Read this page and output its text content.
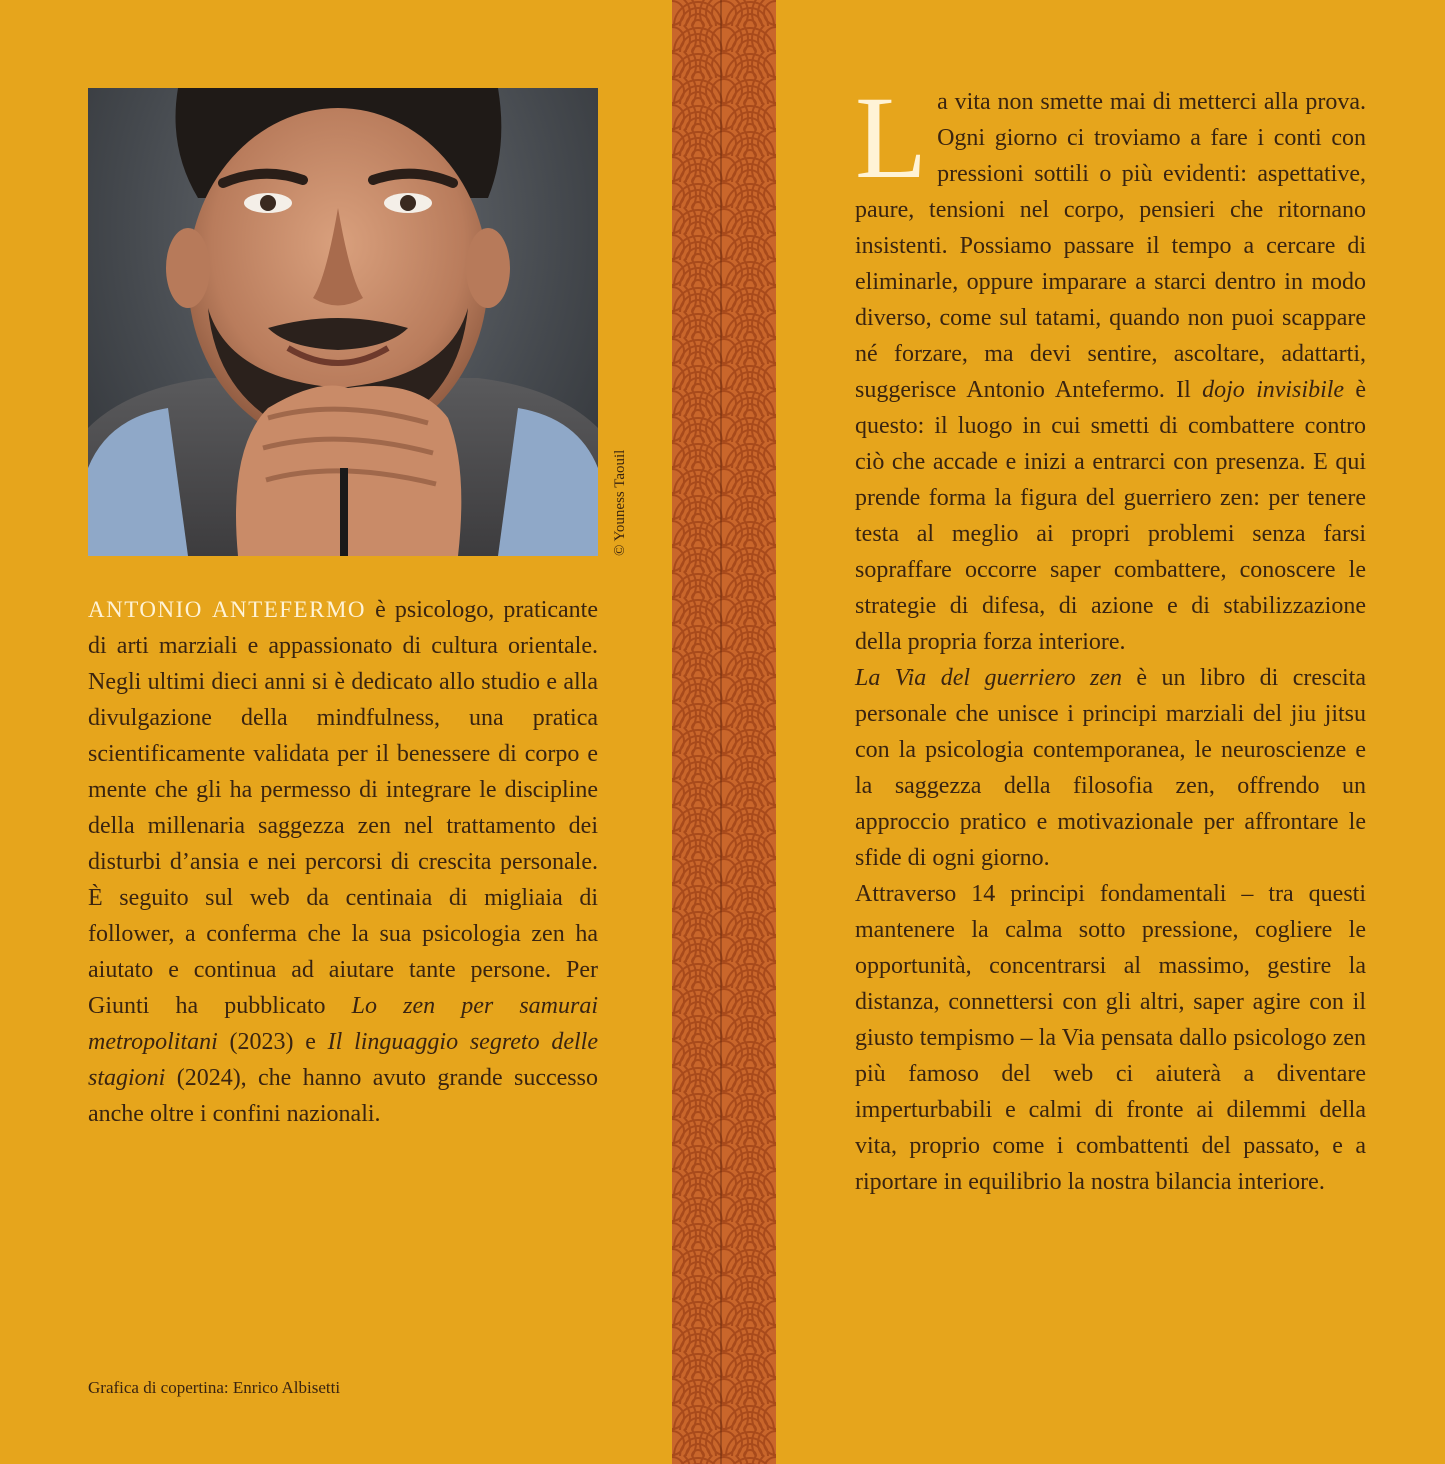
© Youness Taouil

ANTONIO ANTEFERMO è psicologo, praticante di arti marziali e appassionato di cultura orientale. Negli ultimi dieci anni si è dedicato allo studio e alla divulgazione della mindfulness, una pratica scientificamente validata per il benessere di corpo e mente che gli ha permesso di integrare le discipline della millenaria saggezza zen nel trattamento dei disturbi d’ansia e nei percorsi di crescita personale. È seguito sul web da centinaia di migliaia di follower, a conferma che la sua psicologia zen ha aiutato e continua ad aiutare tante persone. Per Giunti ha pubblicato Lo zen per samurai metropolitani (2023) e Il linguaggio segreto delle stagioni (2024), che hanno avuto grande successo anche oltre i confini nazionali.

Grafica di copertina: Enrico Albisetti

La vita non smette mai di metterci alla prova. Ogni giorno ci troviamo a fare i conti con pressioni sottili o più evidenti: aspettative, paure, tensioni nel corpo, pensieri che ritornano insistenti. Possiamo passare il tempo a cercare di eliminarle, oppure imparare a starci dentro in modo diverso, come sul tatami, quando non puoi scappare né forzare, ma devi sentire, ascoltare, adattarti, suggerisce Antonio Antefermo. Il dojo invisibile è questo: il luogo in cui smetti di combattere contro ciò che accade e inizi a entrarci con presenza. E qui prende forma la figura del guerriero zen: per tenere testa al meglio ai propri problemi senza farsi sopraffare occorre saper combattere, conoscere le strategie di difesa, di azione e di stabilizzazione della propria forza interiore.

La Via del guerriero zen è un libro di crescita personale che unisce i principi marziali del jiu jitsu con la psicologia contemporanea, le neuroscienze e la saggezza della filosofia zen, offrendo un approccio pratico e motivazionale per affrontare le sfide di ogni giorno.

Attraverso 14 principi fondamentali – tra questi mantenere la calma sotto pressione, cogliere le opportunità, concentrarsi al massimo, gestire la distanza, connettersi con gli altri, saper agire con il giusto tempismo – la Via pensata dallo psicologo zen più famoso del web ci aiuterà a diventare imperturbabili e calmi di fronte ai dilemmi della vita, proprio come i combattenti del passato, e a riportare in equilibrio la nostra bilancia interiore.
